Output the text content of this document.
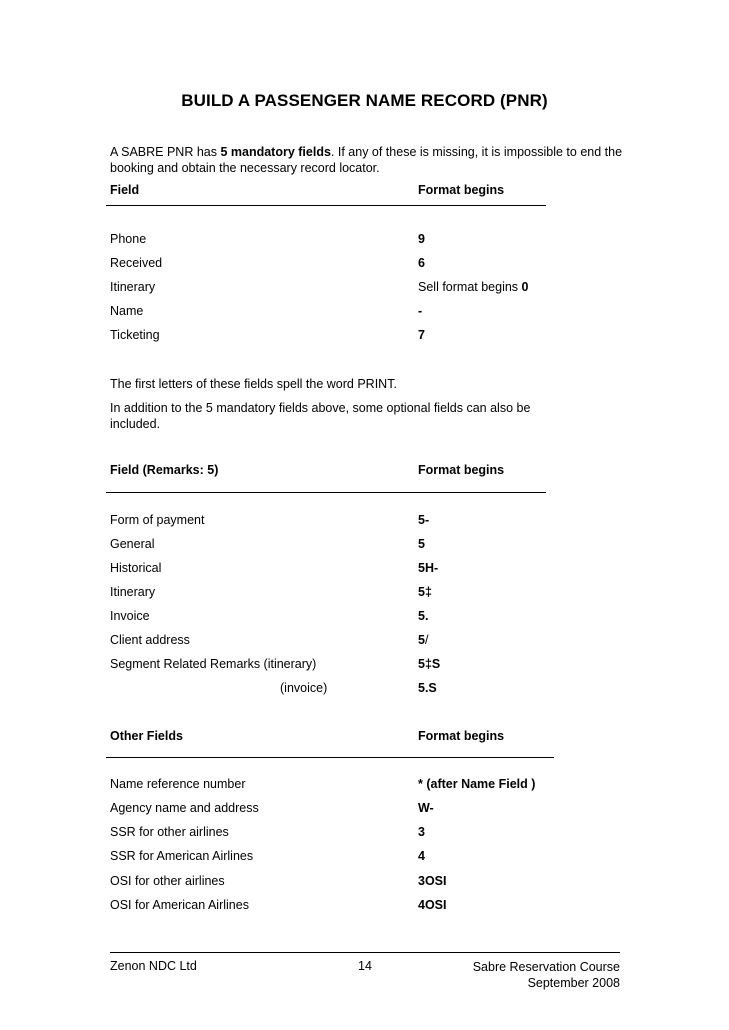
BUILD A PASSENGER NAME RECORD (PNR)
A SABRE PNR has 5 mandatory fields. If any of these is missing, it is impossible to end the booking and obtain the necessary record locator.
Field	Format begins
Phone	9
Received	6
Itinerary	Sell format begins 0
Name	-
Ticketing	7
The first letters of these fields spell the word PRINT.
In addition to the 5 mandatory fields above, some optional fields can also be included.
Field (Remarks: 5)	Format begins
Form of payment	5-
General	5
Historical	5H-
Itinerary	5‡
Invoice	5.
Client address	5/
Segment Related Remarks (itinerary)	5‡S
(invoice)	5.S
Other Fields	Format begins
Name reference number	* (after Name Field )
Agency name and address	W-
SSR for other airlines	3
SSR for American Airlines	4
OSI for other airlines	3OSI
OSI for American Airlines	4OSI
Zenon NDC Ltd	14	Sabre Reservation Course
September 2008
